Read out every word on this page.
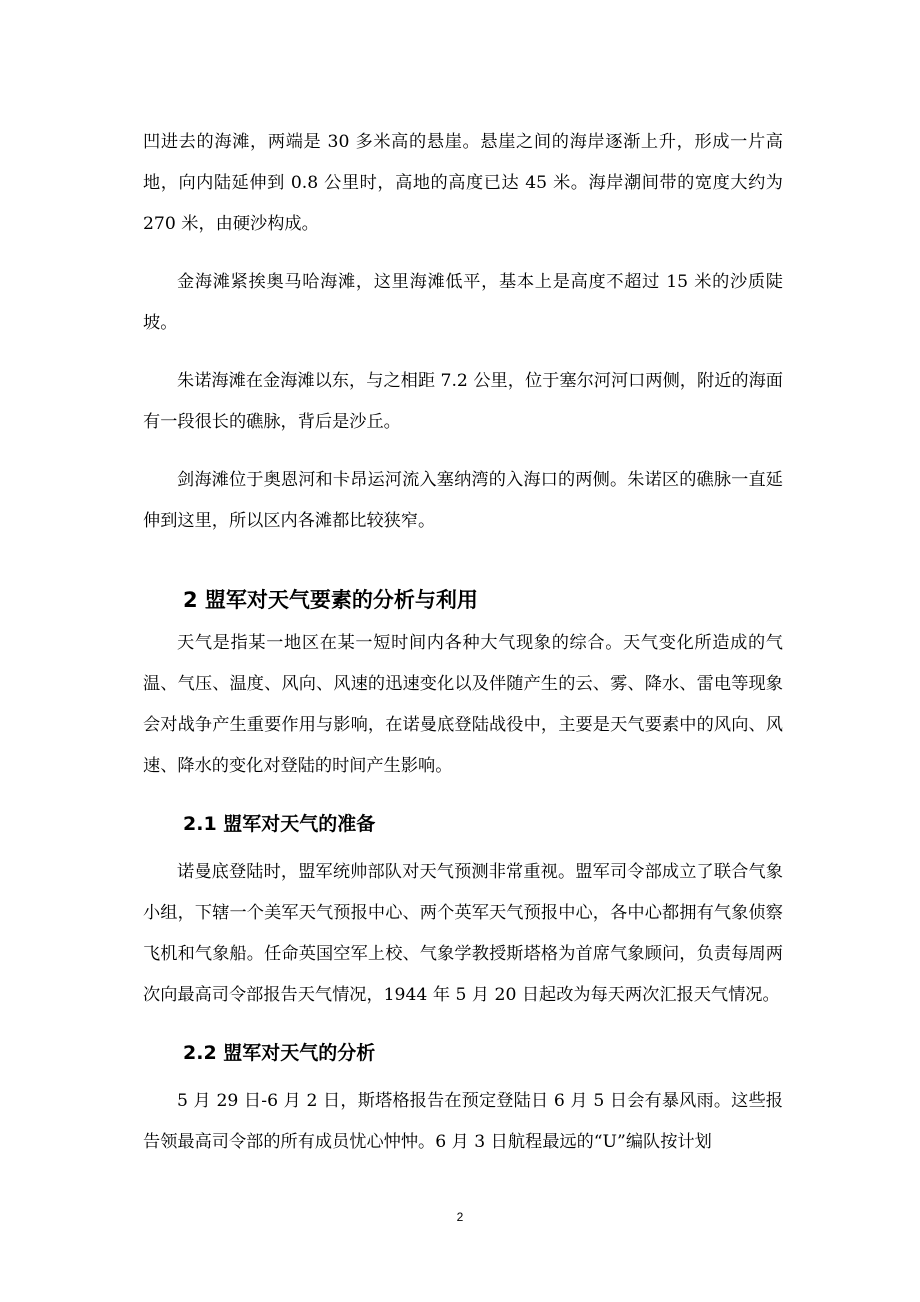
凹进去的海滩，两端是 30 多米高的悬崖。悬崖之间的海岸逐渐上升，形成一片高地，向内陆延伸到 0.8 公里时，高地的高度已达 45 米。海岸潮间带的宽度大约为 270 米，由硬沙构成。

金海滩紧挨奥马哈海滩，这里海滩低平，基本上是高度不超过 15 米的沙质陡坡。

朱诺海滩在金海滩以东，与之相距 7.2 公里，位于塞尔河河口两侧，附近的海面有一段很长的礁脉，背后是沙丘。

剑海滩位于奥恩河和卡昂运河流入塞纳湾的入海口的两侧。朱诺区的礁脉一直延伸到这里，所以区内各滩都比较狭窄。

2 盟军对天气要素的分析与利用

天气是指某一地区在某一短时间内各种大气现象的综合。天气变化所造成的气温、气压、温度、风向、风速的迅速变化以及伴随产生的云、雾、降水、雷电等现象会对战争产生重要作用与影响，在诺曼底登陆战役中，主要是天气要素中的风向、风速、降水的变化对登陆的时间产生影响。

2.1 盟军对天气的准备

诺曼底登陆时，盟军统帅部队对天气预测非常重视。盟军司令部成立了联合气象小组，下辖一个美军天气预报中心、两个英军天气预报中心，各中心都拥有气象侦察飞机和气象船。任命英国空军上校、气象学教授斯塔格为首席气象顾问，负责每周两次向最高司令部报告天气情况，1944 年 5 月 20 日起改为每天两次汇报天气情况。

2.2 盟军对天气的分析

5 月 29 日-6 月 2 日，斯塔格报告在预定登陆日 6 月 5 日会有暴风雨。这些报告领最高司令部的所有成员忧心忡忡。6 月 3 日航程最远的“U”编队按计划

2
